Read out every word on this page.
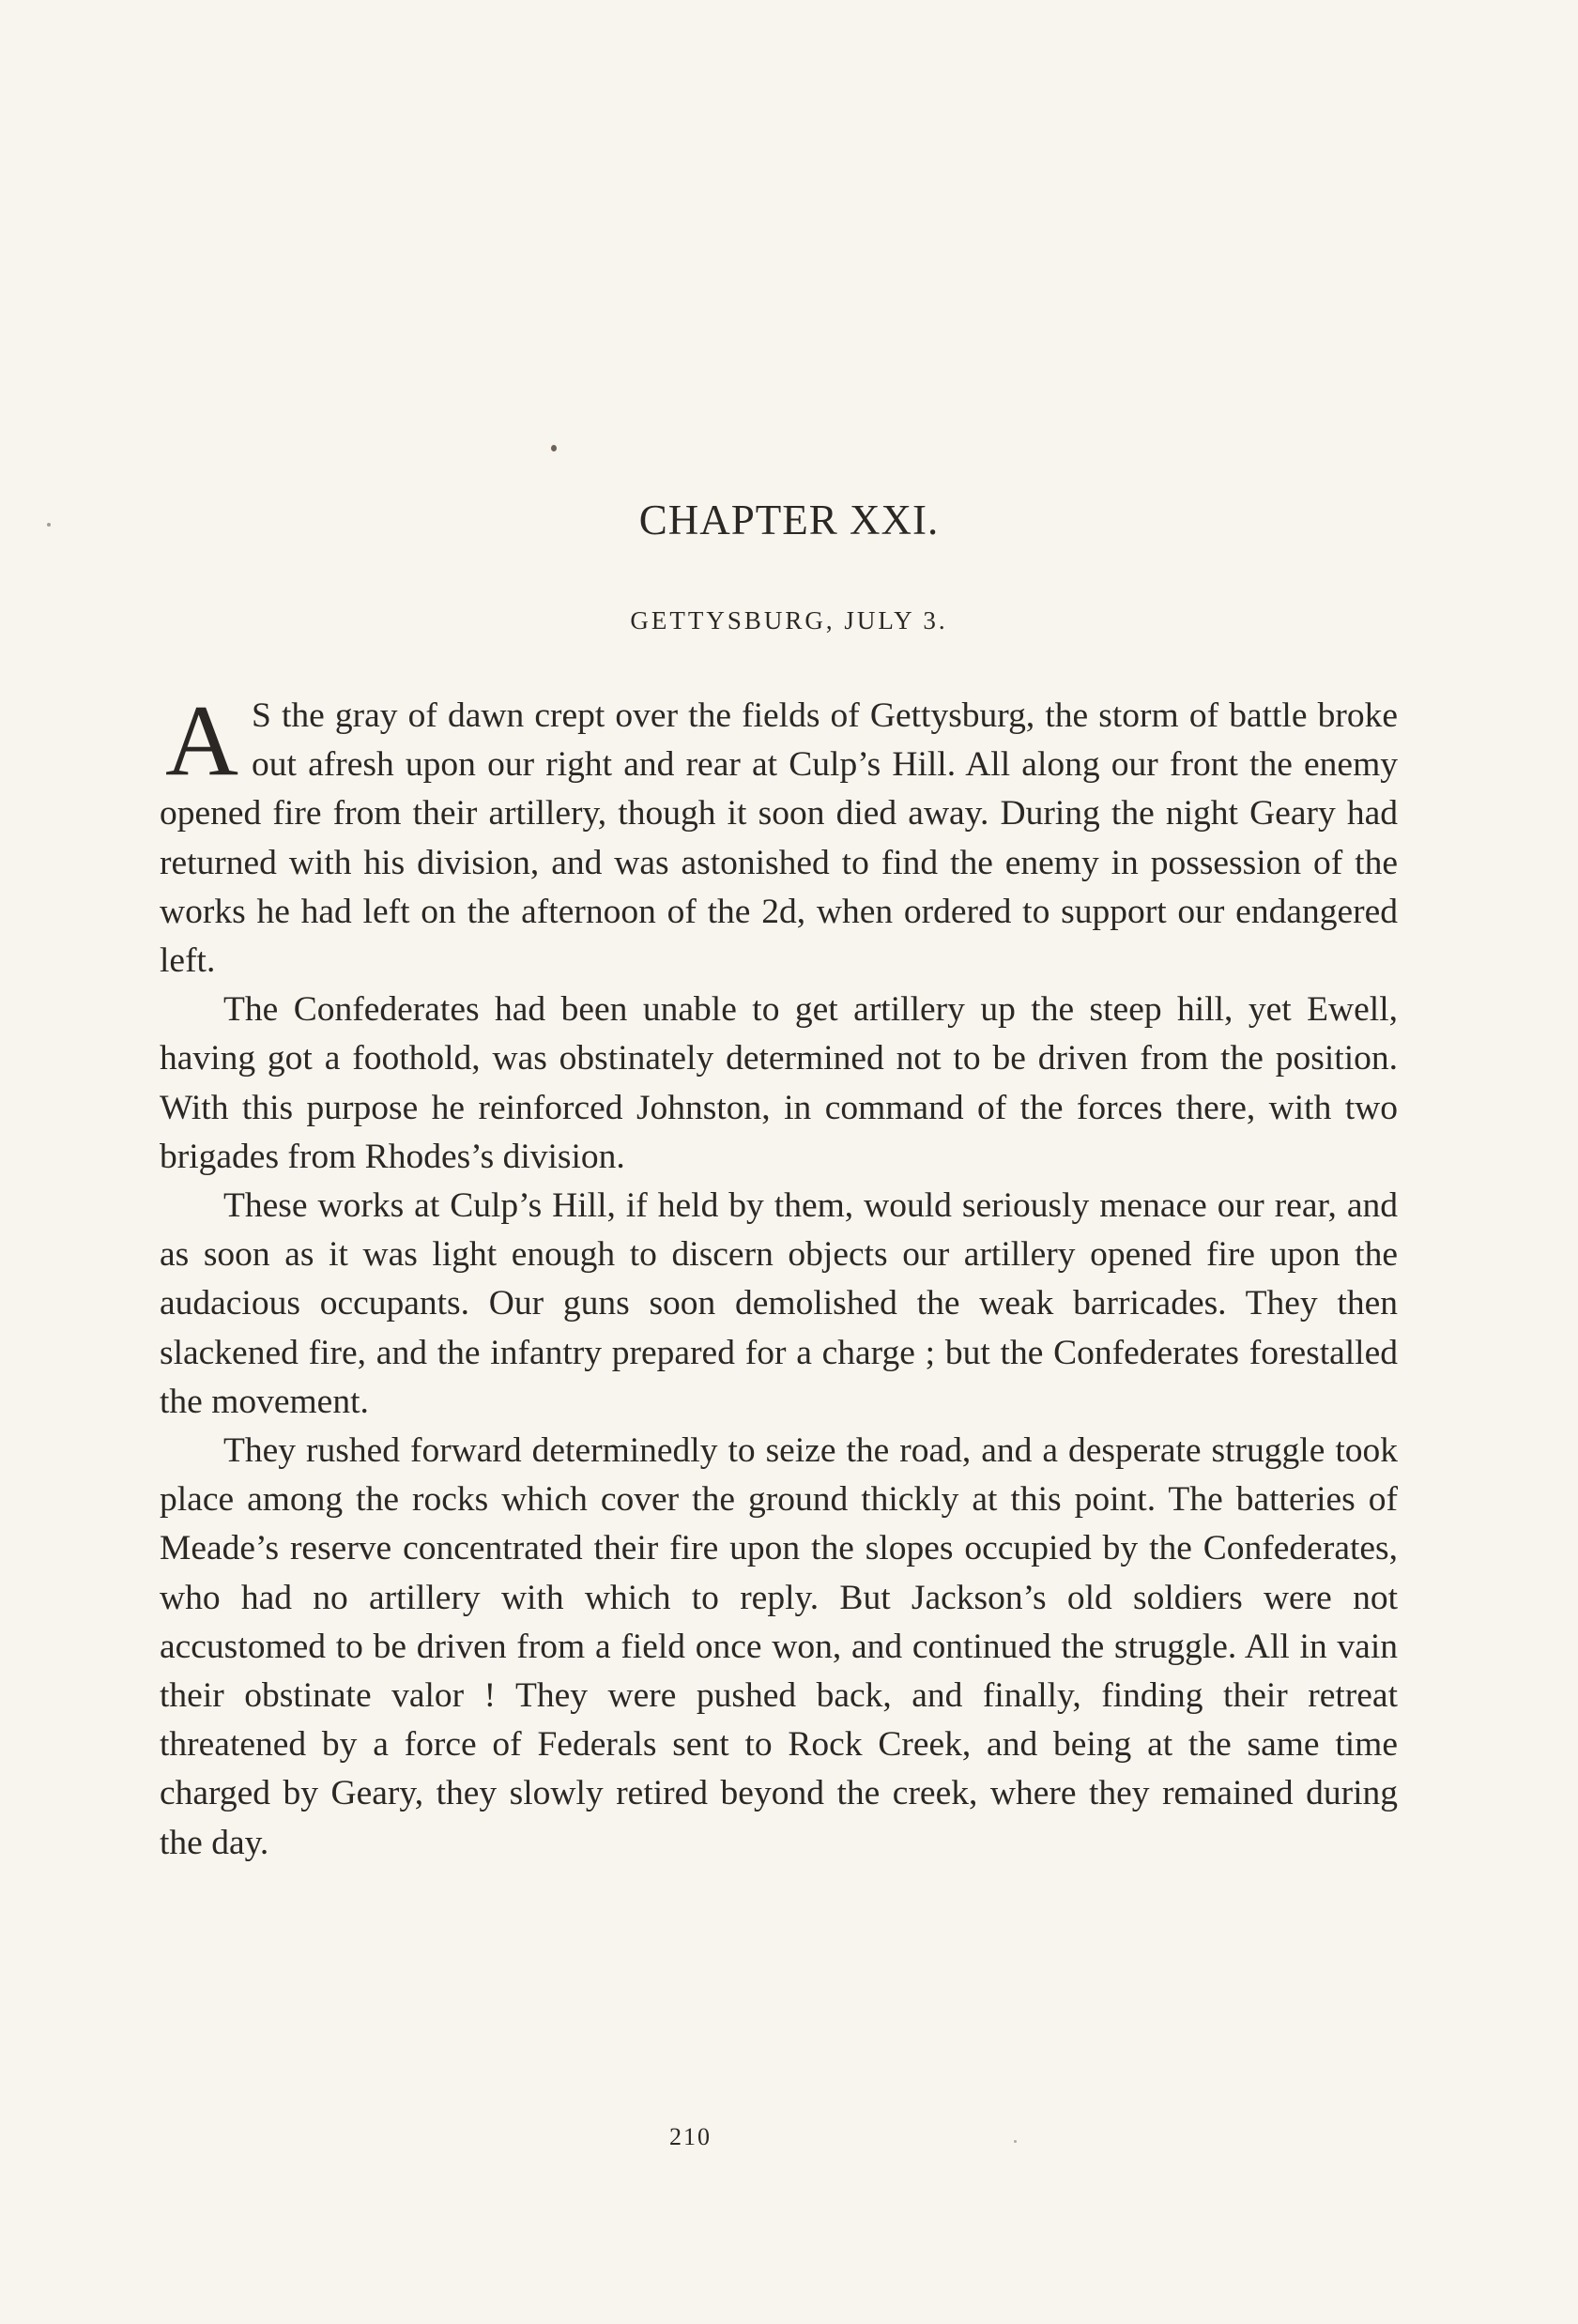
CHAPTER XXI.
GETTYSBURG, JULY 3.

A S the gray of dawn crept over the fields of Gettysburg, the storm of battle broke out afresh upon our right and rear at Culp’s Hill. All along our front the enemy opened fire from their artillery, though it soon died away. During the night Geary had returned with his division, and was astonished to find the enemy in possession of the works he had left on the afternoon of the 2d, when ordered to support our endangered left.

The Confederates had been unable to get artillery up the steep hill, yet Ewell, having got a foothold, was obstinately determined not to be driven from the position. With this purpose he reinforced Johnston, in command of the forces there, with two brigades from Rhodes’s division.

These works at Culp’s Hill, if held by them, would seriously menace our rear, and as soon as it was light enough to discern objects our artillery opened fire upon the audacious occupants. Our guns soon demolished the weak barricades. They then slackened fire, and the infantry prepared for a charge ; but the Confederates forestalled the movement.

They rushed forward determinedly to seize the road, and a desperate struggle took place among the rocks which cover the ground thickly at this point. The batteries of Meade’s reserve concentrated their fire upon the slopes occupied by the Confederates, who had no artillery with which to reply. But Jackson’s old soldiers were not accustomed to be driven from a field once won, and continued the struggle. All in vain their obstinate valor ! They were pushed back, and finally, finding their retreat threatened by a force of Federals sent to Rock Creek, and being at the same time charged by Geary, they slowly retired beyond the creek, where they remained during the day.

210
